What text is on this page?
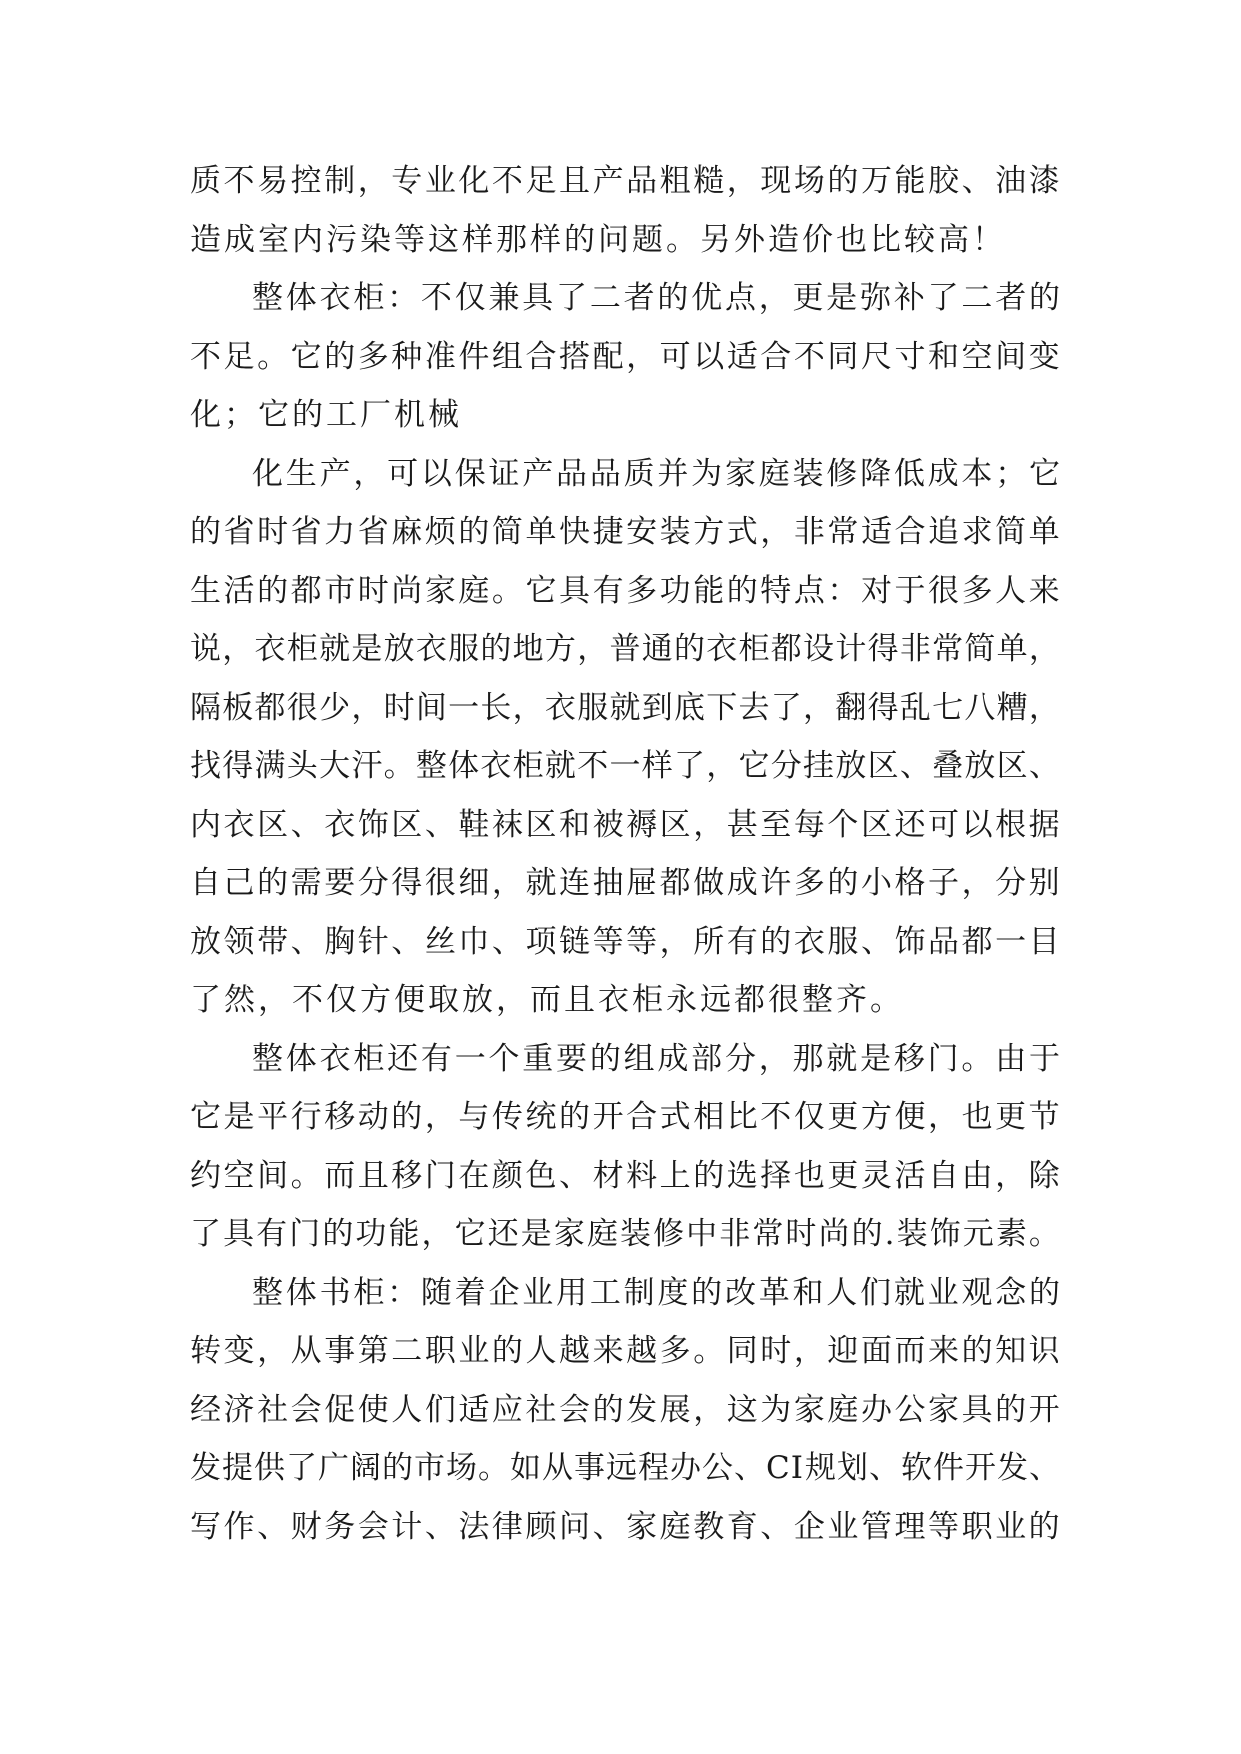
质 不 易 控 制 ， 专 业 化 不 足 且 产 品 粗 糙 ， 现 场 的 万 能 胶 、 油 漆
造成室内污染等这样那样的问题。另外造价也比较高！
整 体 衣 柜 ： 不 仅 兼 具 了 二 者 的 优 点 ， 更 是 弥 补 了 二 者 的
不 足 。 它 的 多 种 准 件 组 合 搭 配 ， 可 以 适 合 不 同 尺 寸 和 空 间 变
化；它的工厂机械
化 生 产 ， 可 以 保 证 产 品 品 质 并 为 家 庭 装 修 降 低 成 本 ； 它
的 省 时 省 力 省 麻 烦 的 简 单 快 捷 安 装 方 式 ， 非 常 适 合 追 求 简 单
生 活 的 都 市 时 尚 家 庭 。 它 具 有 多 功 能 的 特 点 ： 对 于 很 多 人 来
说 ， 衣 柜 就 是 放 衣 服 的 地 方 ， 普 通 的 衣 柜 都 设 计 得 非 常 简 单 ，
隔 板 都 很 少 ， 时 间 一 长 ， 衣 服 就 到 底 下 去 了 ， 翻 得 乱 七 八 糟 ，
找 得 满 头 大 汗 。 整 体 衣 柜 就 不 一 样 了 ， 它 分 挂 放 区 、 叠 放 区 、
内 衣 区 、 衣 饰 区 、 鞋 袜 区 和 被 褥 区 ， 甚 至 每 个 区 还 可 以 根 据
自 己 的 需 要 分 得 很 细 ， 就 连 抽 屉 都 做 成 许 多 的 小 格 子 ， 分 别
放 领 带 、 胸 针 、 丝 巾 、 项 链 等 等 ， 所 有 的 衣 服 、 饰 品 都 一 目
了然，不仅方便取放，而且衣柜永远都很整齐。
整 体 衣 柜 还 有 一 个 重 要 的 组 成 部 分 ， 那 就 是 移 门 。 由 于
它 是 平 行 移 动 的 ， 与 传 统 的 开 合 式 相 比 不 仅 更 方 便 ， 也 更 节
约 空 间 。 而 且 移 门 在 颜 色 、 材 料 上 的 选 择 也 更 灵 活 自 由 ， 除
了 具 有 门 的 功 能 ， 它 还 是 家 庭 装 修 中 非 常 时 尚 的 . 装 饰 元 素 。
整 体 书 柜 ： 随 着 企 业 用 工 制 度 的 改 革 和 人 们 就 业 观 念 的
转 变 ， 从 事 第 二 职 业 的 人 越 来 越 多 。 同 时 ， 迎 面 而 来 的 知 识
经 济 社 会 促 使 人 们 适 应 社 会 的 发 展 ， 这 为 家 庭 办 公 家 具 的 开
发 提 供 了 广 阔 的 市 场 。 如 从 事 远 程 办 公 、 C I 规 划 、 软 件 开 发 、
写 作 、 财 务 会 计 、 法 律 顾 问 、 家 庭 教 育 、 企 业 管 理 等 职 业 的
